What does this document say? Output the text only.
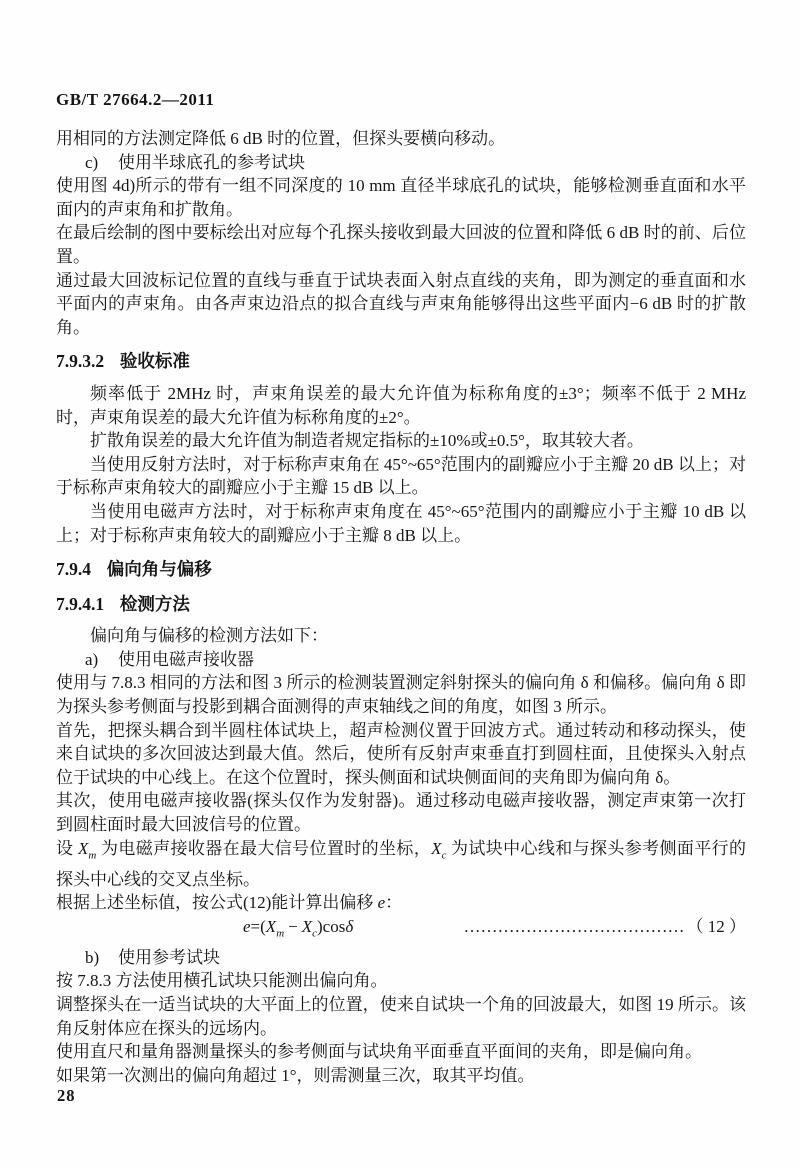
GB/T 27664.2—2011

用相同的方法测定降低 6 dB 时的位置，但探头要横向移动。

c)	使用半球底孔的参考试块

使用图 4d)所示的带有一组不同深度的 10 mm 直径半球底孔的试块，能够检测垂直面和水平面内的声束角和扩散角。

在最后绘制的图中要标绘出对应每个孔探头接收到最大回波的位置和降低 6 dB 时的前、后位置。

通过最大回波标记位置的直线与垂直于试块表面入射点直线的夹角，即为测定的垂直面和水平面内的声束角。由各声束边沿点的拟合直线与声束角能够得出这些平面内−6 dB 时的扩散角。

7.9.3.2 验收标准

频率低于 2MHz 时，声束角误差的最大允许值为标称角度的±3°；频率不低于 2 MHz 时，声束角误差的最大允许值为标称角度的±2°。

扩散角误差的最大允许值为制造者规定指标的±10%或±0.5°，取其较大者。

当使用反射方法时，对于标称声束角在 45°~65°范围内的副瓣应小于主瓣 20 dB 以上；对于标称声束角较大的副瓣应小于主瓣 15 dB 以上。

当使用电磁声方法时，对于标称声束角度在 45°~65°范围内的副瓣应小于主瓣 10 dB 以上；对于标称声束角较大的副瓣应小于主瓣 8 dB 以上。

7.9.4 偏向角与偏移
7.9.4.1 检测方法

偏向角与偏移的检测方法如下：

a)	使用电磁声接收器

使用与 7.8.3 相同的方法和图 3 所示的检测装置测定斜射探头的偏向角 δ 和偏移。偏向角 δ 即为探头参考侧面与投影到耦合面测得的声束轴线之间的角度，如图 3 所示。

首先，把探头耦合到半圆柱体试块上，超声检测仪置于回波方式。通过转动和移动探头，使来自试块的多次回波达到最大值。然后，使所有反射声束垂直打到圆柱面，且使探头入射点位于试块的中心线上。在这个位置时，探头侧面和试块侧面间的夹角即为偏向角 δ。

其次，使用电磁声接收器(探头仅作为发射器)。通过移动电磁声接收器，测定声束第一次打到圆柱面时最大回波信号的位置。

设 $X_m$ 为电磁声接收器在最大信号位置时的坐标，$X_c$ 为试块中心线和与探头参考侧面平行的探头中心线的交叉点坐标。

根据上述坐标值，按公式(12)能计算出偏移 e：

$e=(X_m - X_c)\cos\delta$	………………………………… （ 12 ）
b)	使用参考试块

按 7.8.3 方法使用横孔试块只能测出偏向角。

调整探头在一适当试块的大平面上的位置，使来自试块一个角的回波最大，如图 19 所示。该角反射体应在探头的远场内。

使用直尺和量角器测量探头的参考侧面与试块角平面垂直平面间的夹角，即是偏向角。

如果第一次测出的偏向角超过 1°，则需测量三次，取其平均值。

28
